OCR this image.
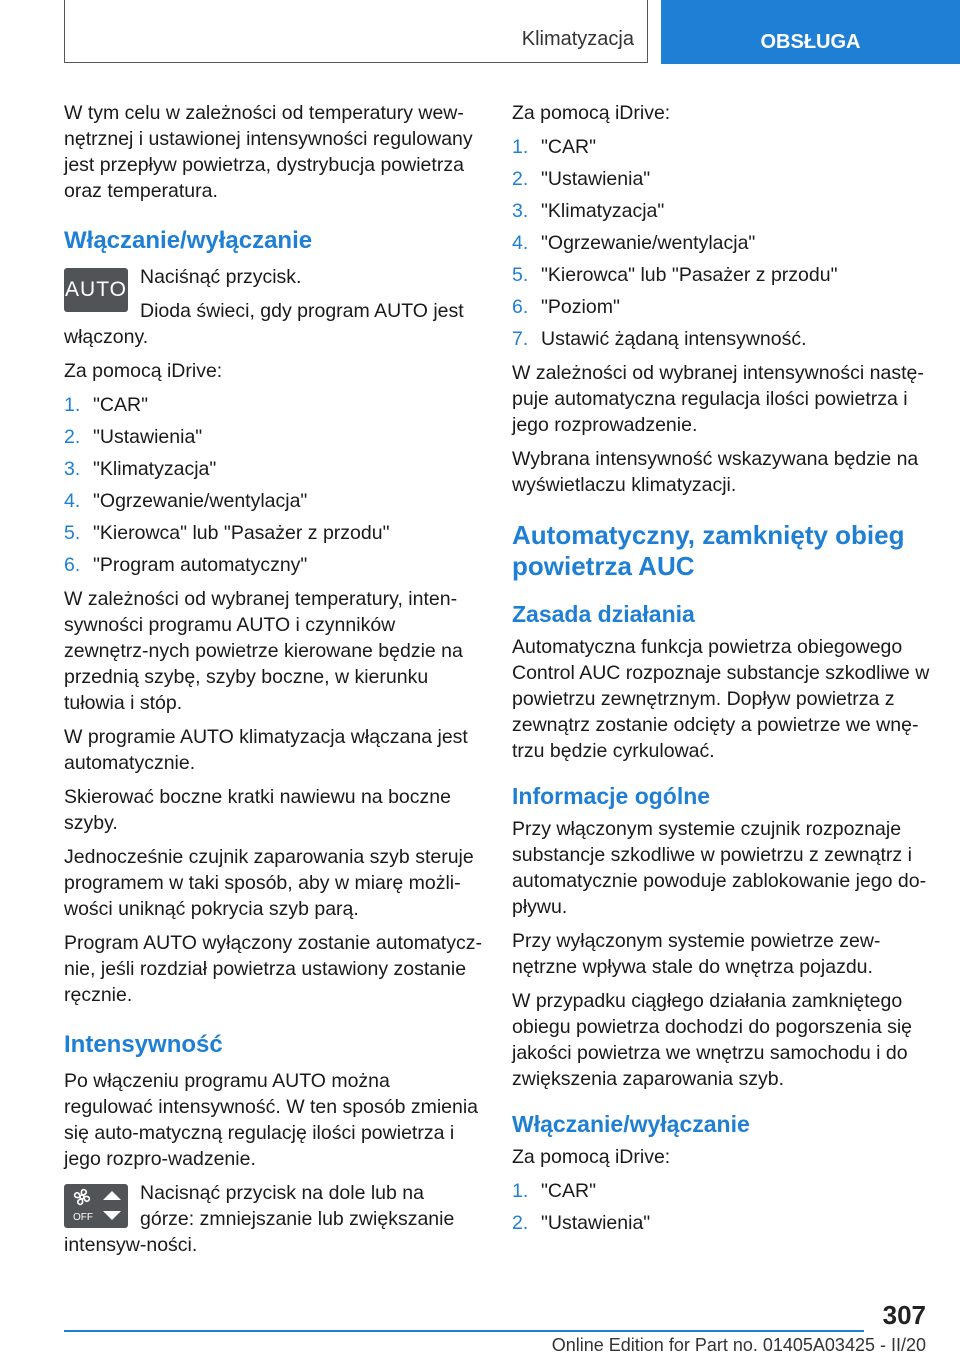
Klimatyzacja	OBSŁUGA

W tym celu w zależności od temperatury wew‐nętrznej i ustawionej intensywności regulowany jest przepływ powietrza, dystrybucja powietrza oraz temperatura.

Włączanie/wyłączanie
AUTO

Naciśnąć przycisk.

Dioda świeci, gdy program AUTO jest włączony.

Za pomocą iDrive:

1. "CAR"
2. "Ustawienia"
3. "Klimatyzacja"
4. "Ogrzewanie/wentylacja"
5. "Kierowca" lub "Pasażer z przodu"
6. "Program automatyczny"

W zależności od wybranej temperatury, inten‐sywności programu AUTO i czynników zewnętrz‐nych powietrze kierowane będzie na przednią szybę, szyby boczne, w kierunku tułowia i stóp.

W programie AUTO klimatyzacja włączana jest automatycznie.

Skierować boczne kratki nawiewu na boczne szyby.

Jednocześnie czujnik zaparowania szyb steruje programem w taki sposób, aby w miarę możli‐wości uniknąć pokrycia szyb parą.

Program AUTO wyłączony zostanie automatycz‐nie, jeśli rozdział powietrza ustawiony zostanie ręcznie.

Intensywność

Po włączeniu programu AUTO można regulować intensywność. W ten sposób zmienia się auto‐matyczną regulację ilości powietrza i jego rozpro‐wadzenie.

OFF

Nacisnąć przycisk na dole lub na górze: zmniejszanie lub zwiększanie intensyw‐ności.

Za pomocą iDrive:

1. "CAR"
2. "Ustawienia"
3. "Klimatyzacja"
4. "Ogrzewanie/wentylacja"
5. "Kierowca" lub "Pasażer z przodu"
6. "Poziom"
7. Ustawić żądaną intensywność.

W zależności od wybranej intensywności nastę‐puje automatyczna regulacja ilości powietrza i jego rozprowadzenie.

Wybrana intensywność wskazywana będzie na wyświetlaczu klimatyzacji.

Automatyczny, zamknięty obieg powietrza AUC
Zasada działania

Automatyczna funkcja powietrza obiegowego Control AUC rozpoznaje substancje szkodliwe w powietrzu zewnętrznym. Dopływ powietrza z zewnątrz zostanie odcięty a powietrze we wnę‐trzu będzie cyrkulować.

Informacje ogólne

Przy włączonym systemie czujnik rozpoznaje substancje szkodliwe w powietrzu z zewnątrz i automatycznie powoduje zablokowanie jego do‐pływu.

Przy wyłączonym systemie powietrze zew‐nętrzne wpływa stale do wnętrza pojazdu.

W przypadku ciągłego działania zamkniętego obiegu powietrza dochodzi do pogorszenia się jakości powietrza we wnętrzu samochodu i do zwiększenia zaparowania szyb.

Włączanie/wyłączanie

Za pomocą iDrive:

1. "CAR"
2. "Ustawienia"
307
Online Edition for Part no. 01405A03425 - II/20
